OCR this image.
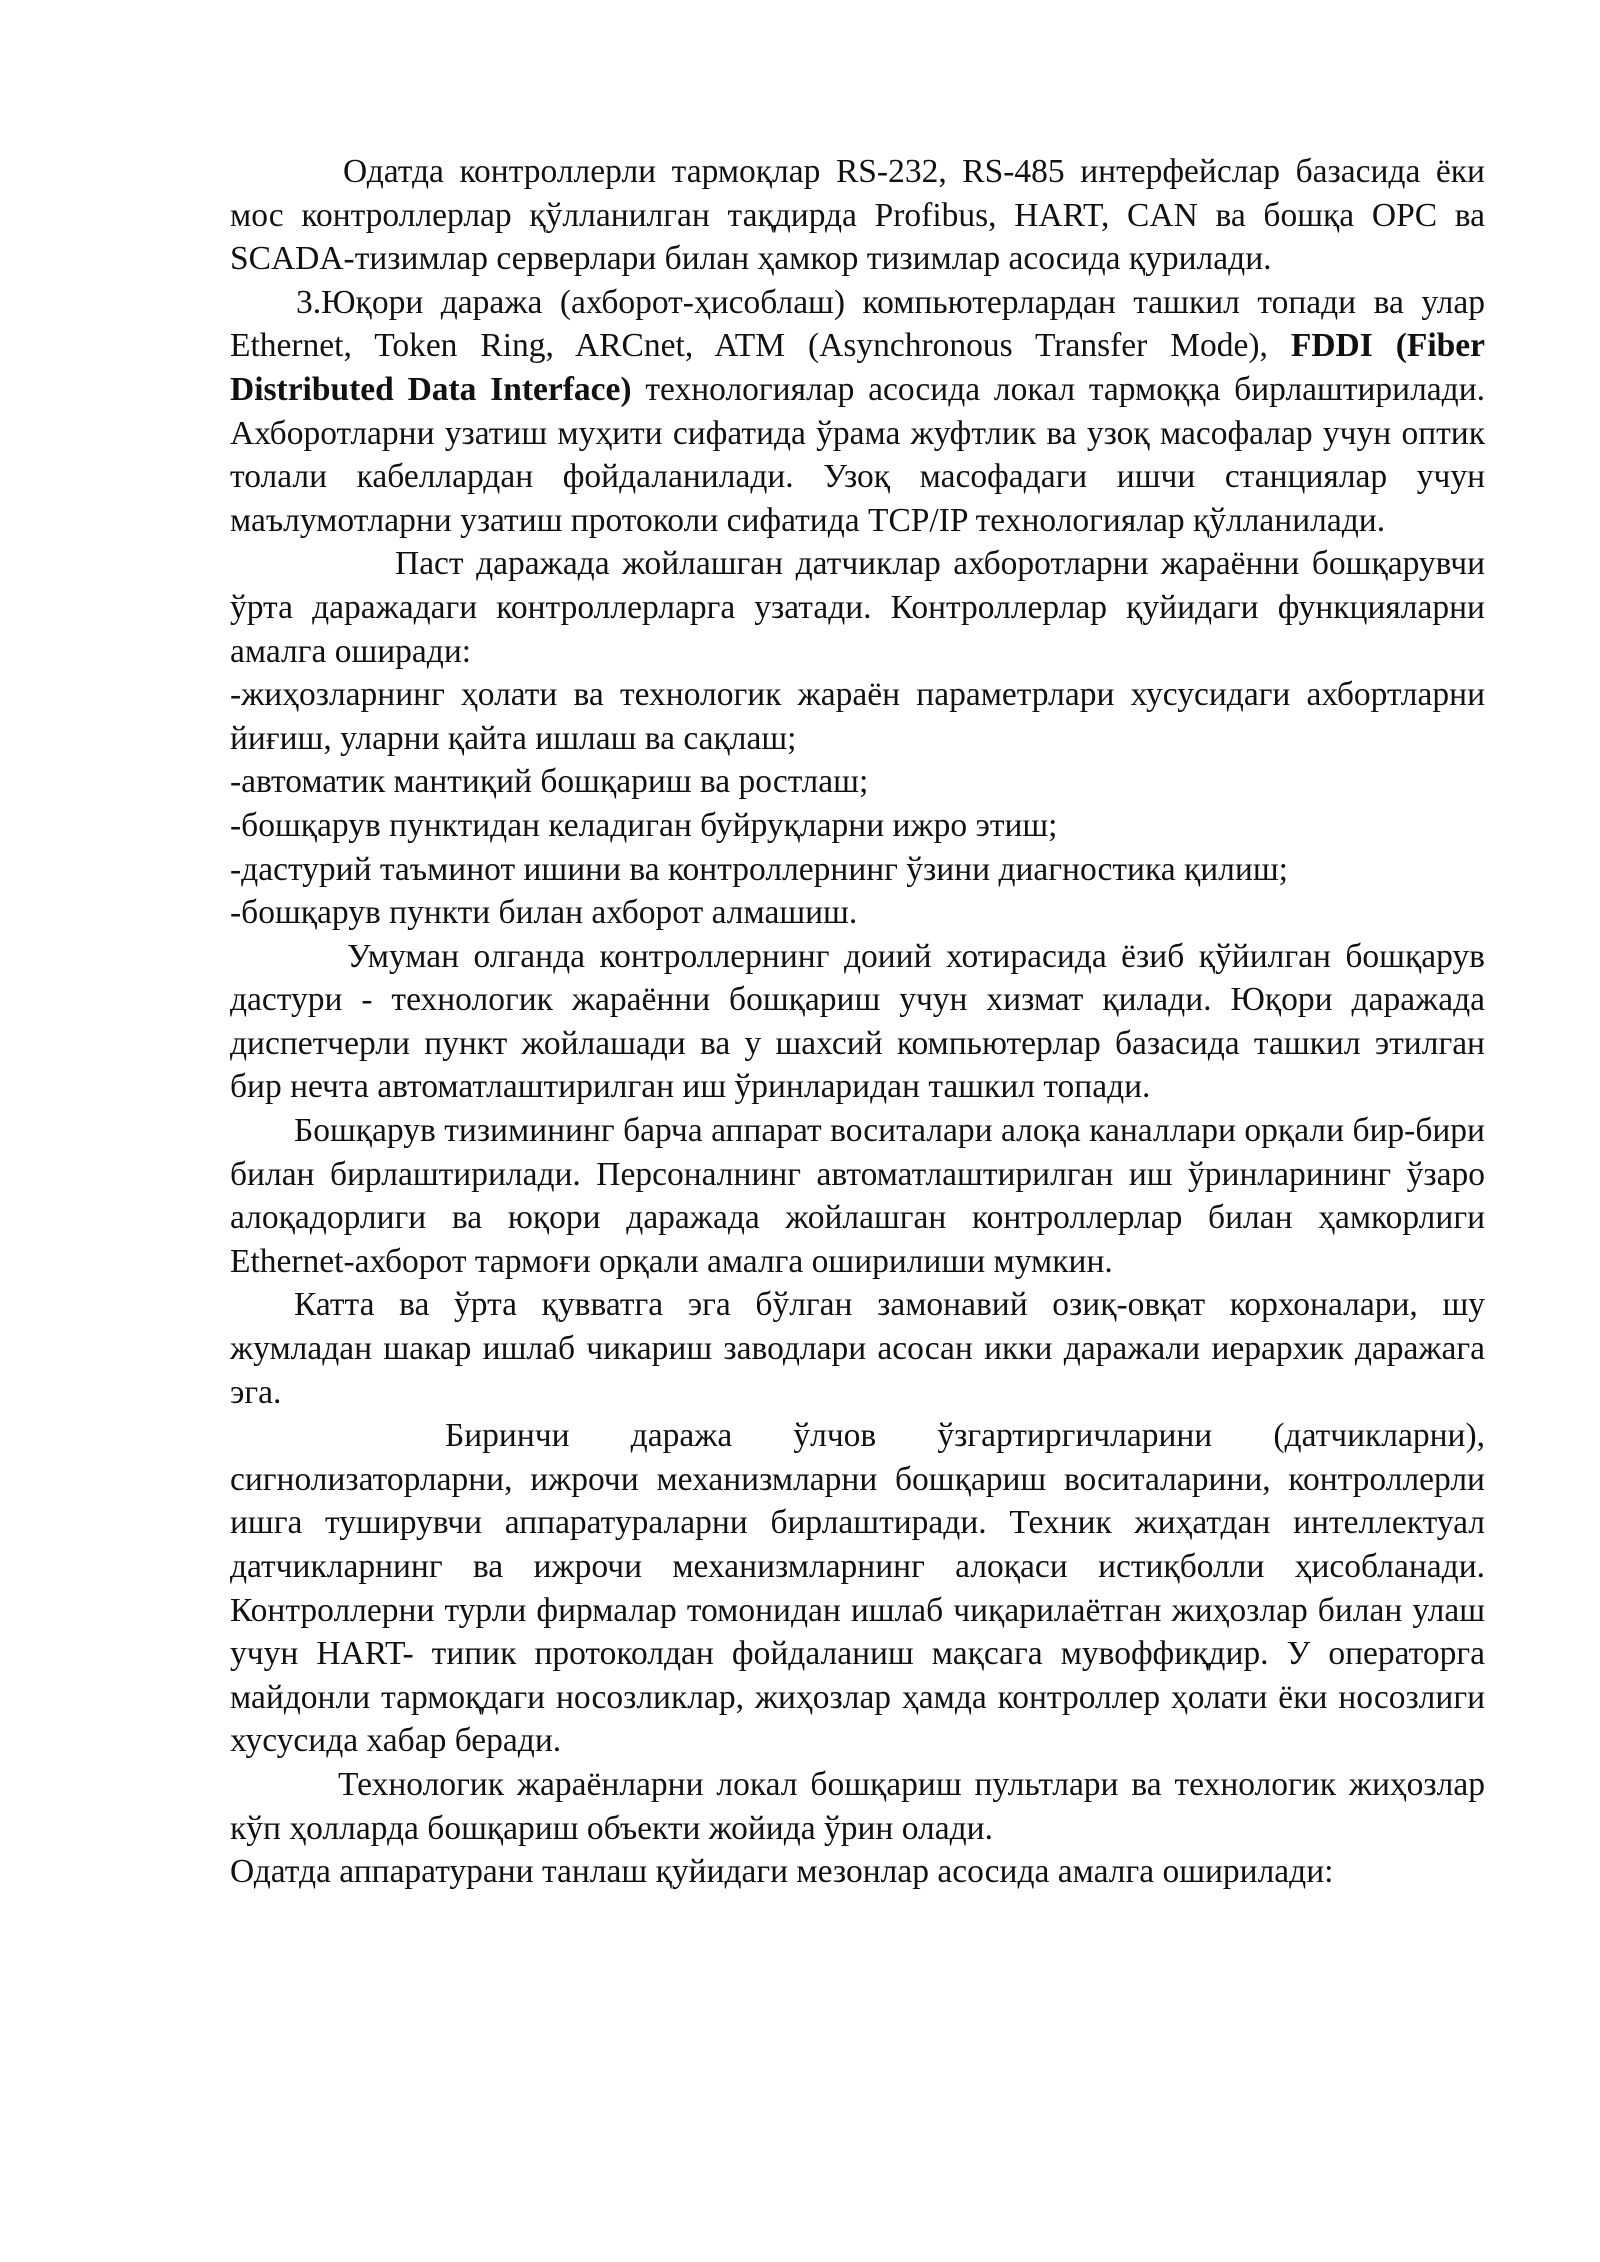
Одатда контроллерли тармоқлар RS-232, RS-485 интерфейслар базасида ёки мос контроллерлар қўлланилган тақдирда Profibus, HART, CAN ва бошқа OPC ва SCADA-тизимлар серверлари билан ҳамкор тизимлар асосида қурилади.

3.Юқори даража (ахборот-ҳисоблаш) компьютерлардан ташкил топади ва улар Ethernet, Token Ring, ARCnet, ATM (Asynchronous Transfer Mode), FDDI (Fiber Distributed Data Interface) технологиялар асосида локал тармоққа бирлаштирилади. Ахборотларни узатиш муҳити сифатида ўрама жуфтлик ва узоқ масофалар учун оптик толали кабеллардан фойдаланилади. Узоқ масофадаги ишчи станциялар учун маълумотларни узатиш протоколи сифатида TCP/IP технологиялар қўлланилади.

Паст даражада жойлашган датчиклар ахборотларни жараённи бошқарувчи ўрта даражадаги контроллерларга узатади. Контроллерлар қуйидаги функцияларни амалга оширади:

-жиҳозларнинг ҳолати ва технологик жараён параметрлари хусусидаги ахбортларни йиғиш, уларни қайта ишлаш ва сақлаш;

-автоматик мантиқий бошқариш ва ростлаш;

-бошқарув пунктидан келадиган буйруқларни ижро этиш;

-дастурий таъминот ишини ва контроллернинг ўзини диагностика қилиш;

-бошқарув пункти билан ахборот алмашиш.

Умуман олганда контроллернинг доиий хотирасида ёзиб қўйилган бошқарув дастури - технологик жараённи бошқариш учун хизмат қилади. Юқори даражада диспетчерли пункт жойлашади ва у шахсий компьютерлар базасида ташкил этилган бир нечта автоматлаштирилган иш ўринларидан ташкил топади.

Бошқарув тизимининг барча аппарат воситалари алоқа каналлари орқали бир-бири билан бирлаштирилади. Персоналнинг автоматлаштирилган иш ўринларининг ўзаро алоқадорлиги ва юқори даражада жойлашган контроллерлар билан ҳамкорлиги Ethernet-ахборот тармоғи орқали амалга оширилиши мумкин.

Катта ва ўрта қувватга эга бўлган замонавий озиқ-овқат корхоналари, шу жумладан шакар ишлаб чикариш заводлари асосан икки даражали иерархик даражага эга.

Биринчи даража ўлчов ўзгартиргичларини (датчикларни), сигнолизаторларни, ижрочи механизмларни бошқариш воситаларини, контроллерли ишга туширувчи аппаратураларни бирлаштиради. Техник жиҳатдан интеллектуал датчикларнинг ва ижрочи механизмларнинг алоқаси истиқболли ҳисобланади. Контроллерни турли фирмалар томонидан ишлаб чиқарилаётган жиҳозлар билан улаш учун HART- типик протоколдан фойдаланиш мақсага мувоффиқдир. У операторга майдонли тармоқдаги носозликлар, жиҳозлар ҳамда контроллер ҳолати ёки носозлиги хусусида хабар беради.

Технологик жараёнларни локал бошқариш пультлари ва технологик жиҳозлар кўп ҳолларда бошқариш объекти жойида ўрин олади.

Одатда аппаратурани танлаш қуйидаги мезонлар асосида амалга оширилади:
